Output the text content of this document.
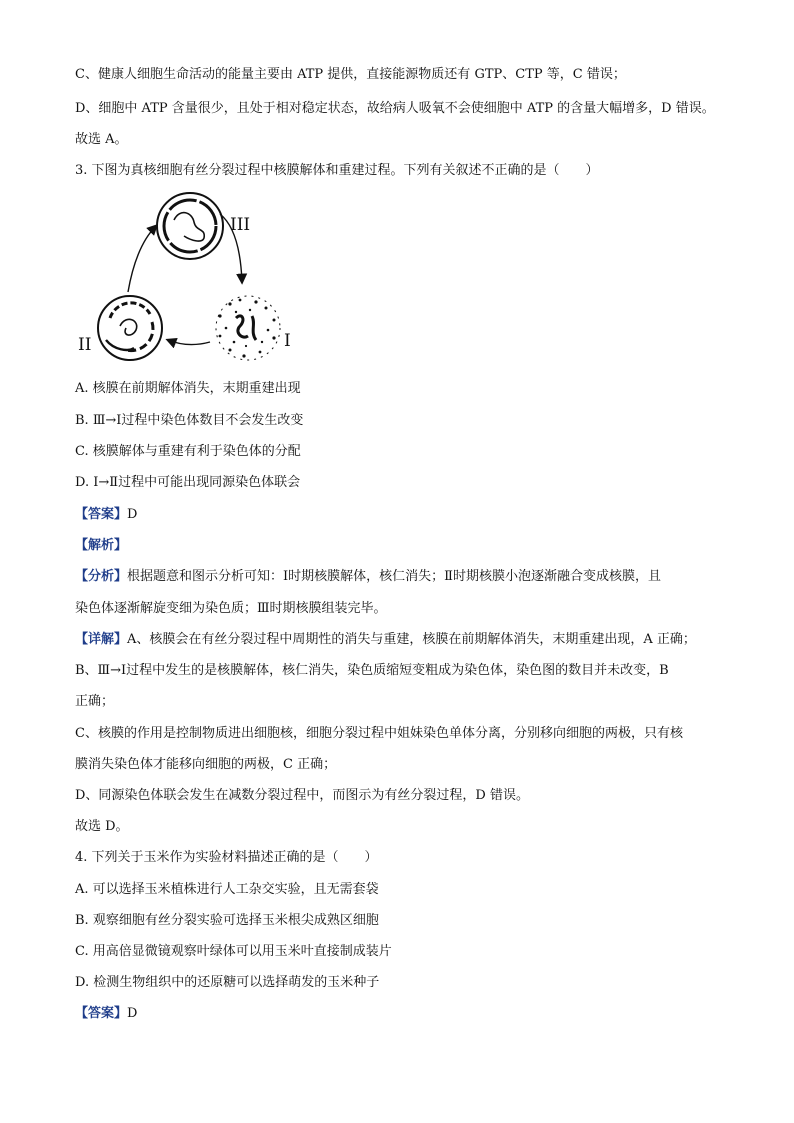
C、健康人细胞生命活动的能量主要由 ATP 提供，直接能源物质还有 GTP、CTP 等，C 错误；
D、细胞中 ATP 含量很少，且处于相对稳定状态，故给病人吸氧不会使细胞中 ATP 的含量大幅增多，D 错误。
故选 A。
3. 下图为真核细胞有丝分裂过程中核膜解体和重建过程。下列有关叙述不正确的是（　　）
III
II	I
A. 核膜在前期解体消失，末期重建出现
B. Ⅲ→Ⅰ过程中染色体数目不会发生改变
C. 核膜解体与重建有利于染色体的分配
D. Ⅰ→Ⅱ过程中可能出现同源染色体联会
【答案】D
【解析】
【分析】根据题意和图示分析可知：Ⅰ时期核膜解体，核仁消失；Ⅱ时期核膜小泡逐渐融合变成核膜，且
染色体逐渐解旋变细为染色质；Ⅲ时期核膜组装完毕。
【详解】A、核膜会在有丝分裂过程中周期性的消失与重建，核膜在前期解体消失，末期重建出现，A 正确；
B、Ⅲ→Ⅰ过程中发生的是核膜解体，核仁消失，染色质缩短变粗成为染色体，染色图的数目并未改变，B
正确；
C、核膜的作用是控制物质进出细胞核，细胞分裂过程中姐妹染色单体分离，分别移向细胞的两极，只有核
膜消失染色体才能移向细胞的两极，C 正确；
D、同源染色体联会发生在减数分裂过程中，而图示为有丝分裂过程，D 错误。
故选 D。
4. 下列关于玉米作为实验材料描述正确的是（　　）
A. 可以选择玉米植株进行人工杂交实验，且无需套袋
B. 观察细胞有丝分裂实验可选择玉米根尖成熟区细胞
C. 用高倍显微镜观察叶绿体可以用玉米叶直接制成装片
D. 检测生物组织中的还原糖可以选择萌发的玉米种子
【答案】D
